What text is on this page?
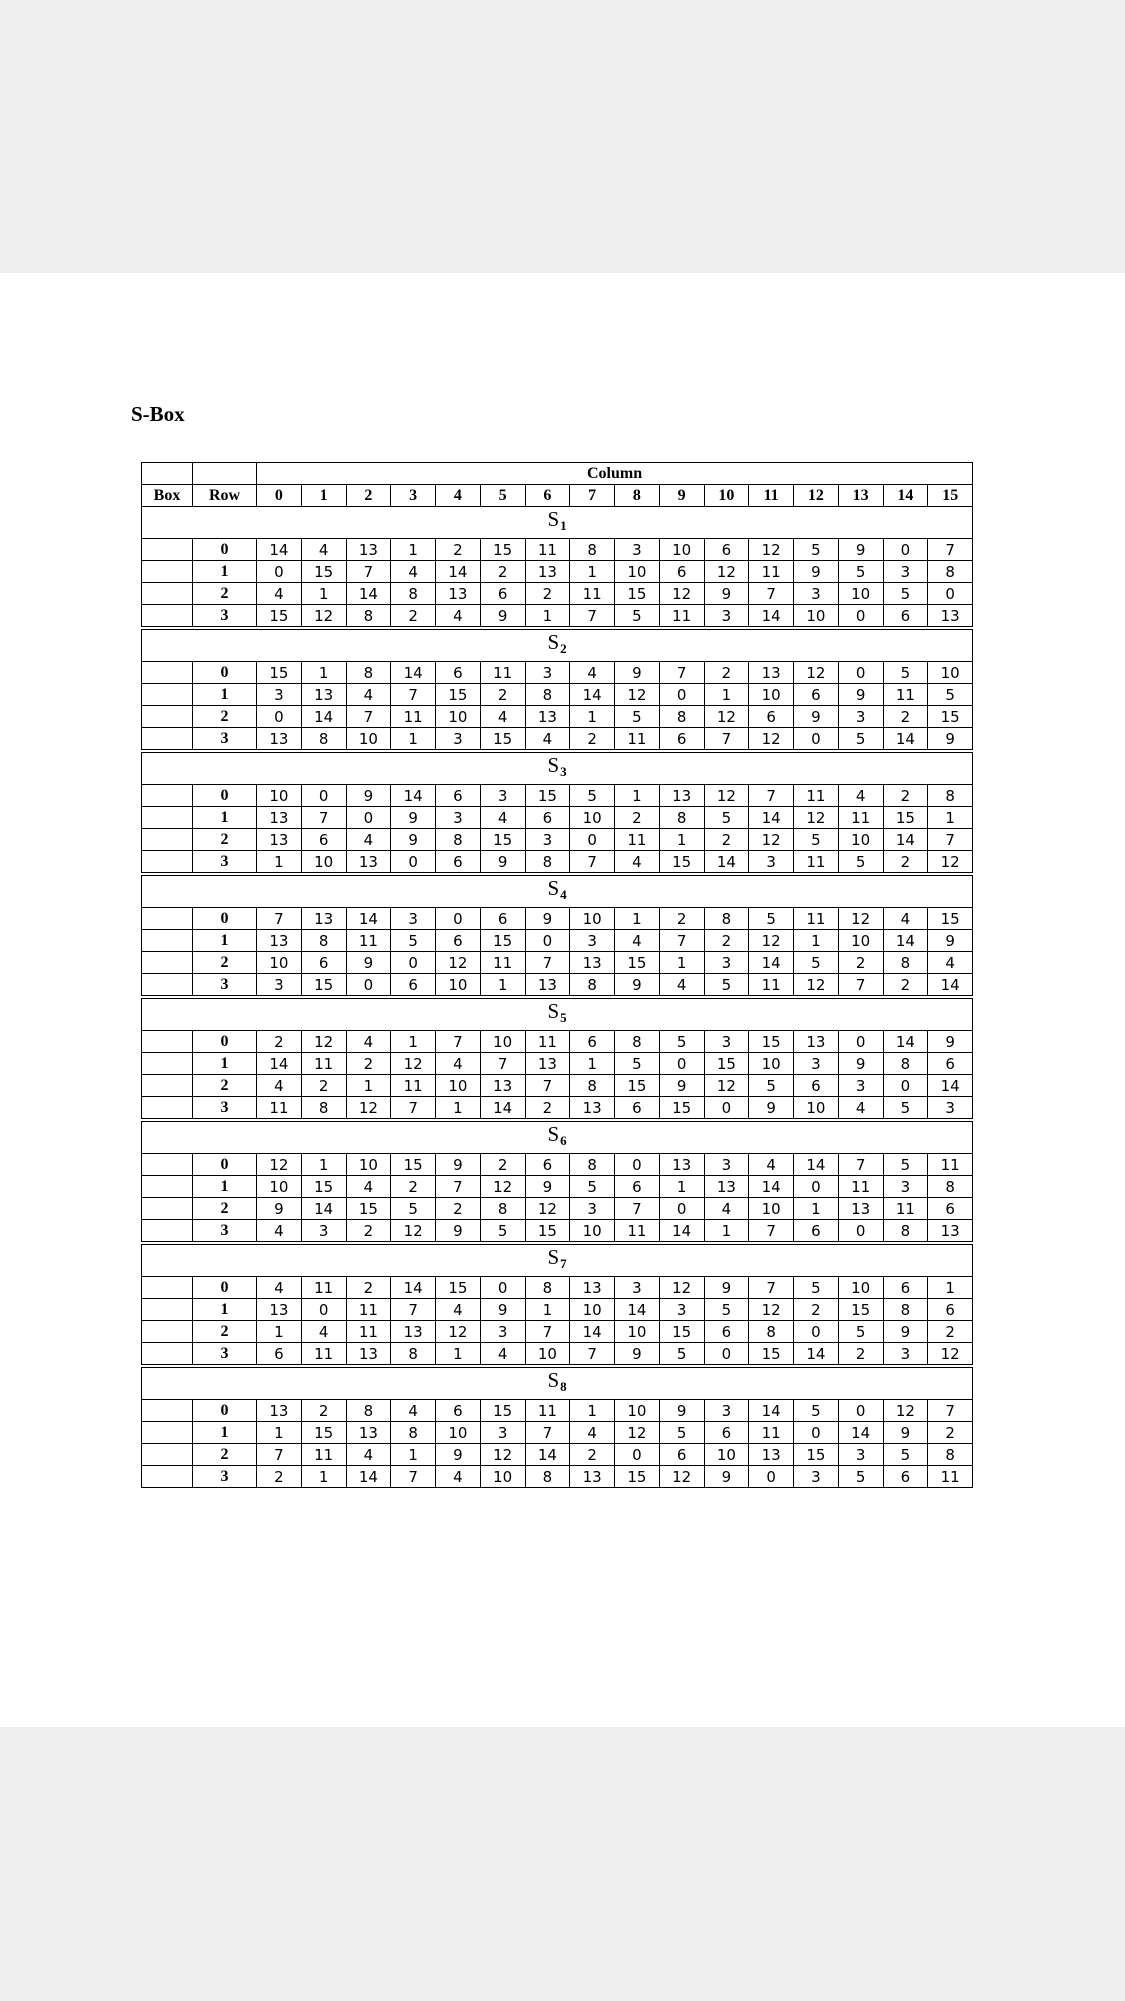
S-Box
		Column															
Box	Row	0	1	2	3	4	5	6	7	8	9	10	11	12	13	14	15
$S_1$
	0	14	4	13	1	2	15	11	8	3	10	6	12	5	9	0	7
	1	0	15	7	4	14	2	13	1	10	6	12	11	9	5	3	8
	2	4	1	14	8	13	6	2	11	15	12	9	7	3	10	5	0
	3	15	12	8	2	4	9	1	7	5	11	3	14	10	0	6	13
$S_2$
	0	15	1	8	14	6	11	3	4	9	7	2	13	12	0	5	10
	1	3	13	4	7	15	2	8	14	12	0	1	10	6	9	11	5
	2	0	14	7	11	10	4	13	1	5	8	12	6	9	3	2	15
	3	13	8	10	1	3	15	4	2	11	6	7	12	0	5	14	9
$S_3$
	0	10	0	9	14	6	3	15	5	1	13	12	7	11	4	2	8
	1	13	7	0	9	3	4	6	10	2	8	5	14	12	11	15	1
	2	13	6	4	9	8	15	3	0	11	1	2	12	5	10	14	7
	3	1	10	13	0	6	9	8	7	4	15	14	3	11	5	2	12
$S_4$
	0	7	13	14	3	0	6	9	10	1	2	8	5	11	12	4	15
	1	13	8	11	5	6	15	0	3	4	7	2	12	1	10	14	9
	2	10	6	9	0	12	11	7	13	15	1	3	14	5	2	8	4
	3	3	15	0	6	10	1	13	8	9	4	5	11	12	7	2	14
$S_5$
	0	2	12	4	1	7	10	11	6	8	5	3	15	13	0	14	9
	1	14	11	2	12	4	7	13	1	5	0	15	10	3	9	8	6
	2	4	2	1	11	10	13	7	8	15	9	12	5	6	3	0	14
	3	11	8	12	7	1	14	2	13	6	15	0	9	10	4	5	3
$S_6$
	0	12	1	10	15	9	2	6	8	0	13	3	4	14	7	5	11
	1	10	15	4	2	7	12	9	5	6	1	13	14	0	11	3	8
	2	9	14	15	5	2	8	12	3	7	0	4	10	1	13	11	6
	3	4	3	2	12	9	5	15	10	11	14	1	7	6	0	8	13
$S_7$
	0	4	11	2	14	15	0	8	13	3	12	9	7	5	10	6	1
	1	13	0	11	7	4	9	1	10	14	3	5	12	2	15	8	6
	2	1	4	11	13	12	3	7	14	10	15	6	8	0	5	9	2
	3	6	11	13	8	1	4	10	7	9	5	0	15	14	2	3	12
$S_8$
	0	13	2	8	4	6	15	11	1	10	9	3	14	5	0	12	7
	1	1	15	13	8	10	3	7	4	12	5	6	11	0	14	9	2
	2	7	11	4	1	9	12	14	2	0	6	10	13	15	3	5	8
	3	2	1	14	7	4	10	8	13	15	12	9	0	3	5	6	11
